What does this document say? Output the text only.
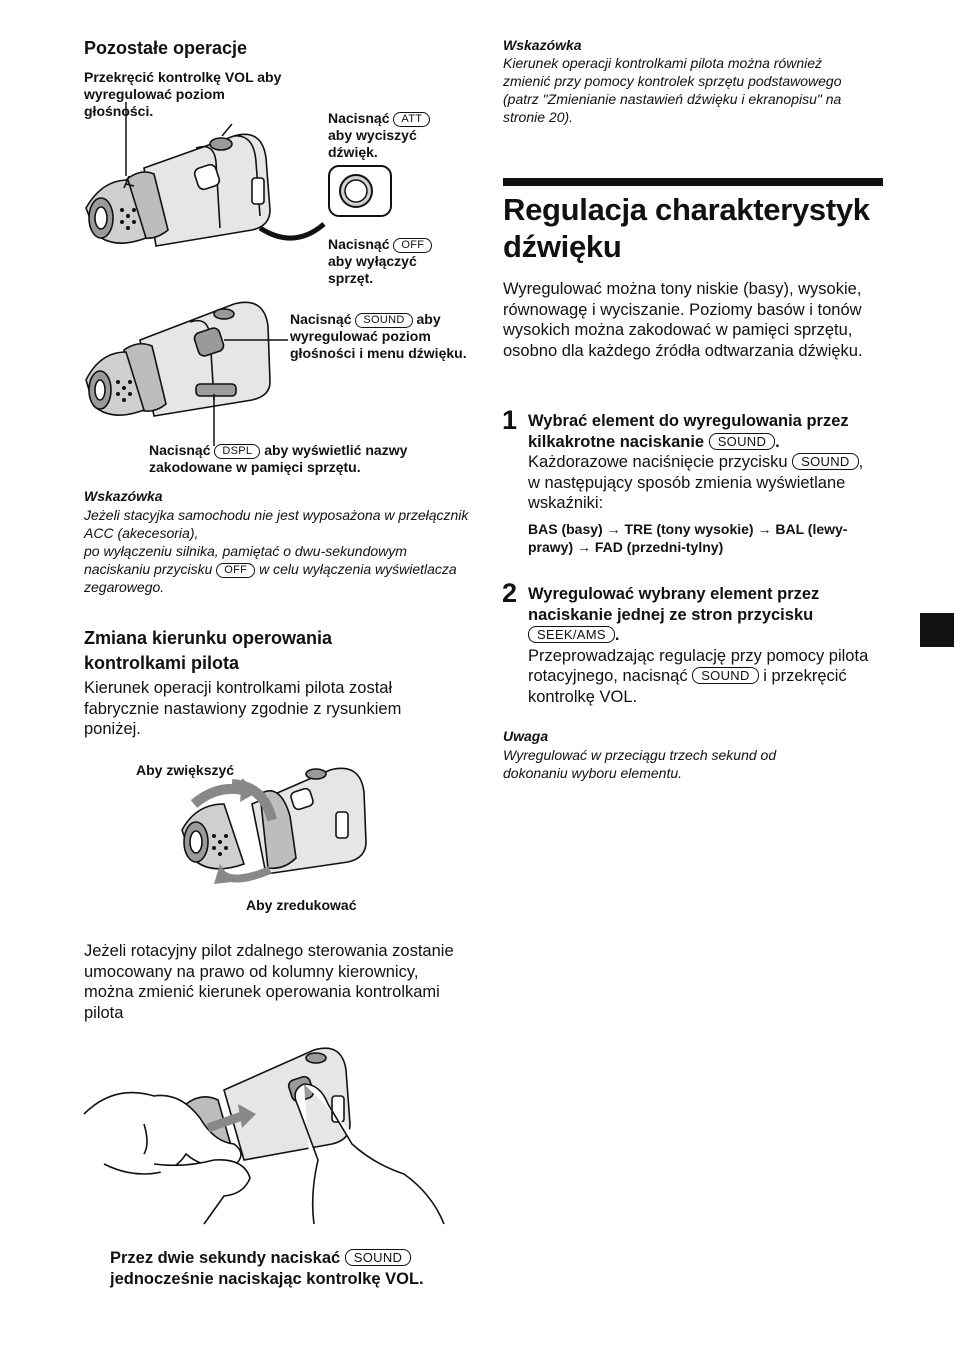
Pozostałe operacje
Przekręcić kontrolkę VOL aby wyregulować poziom głośności.	Nacisnąć ATT aby wyciszyć dźwięk.
Nacisnąć OFF aby wyłączyć sprzęt.
Nacisnąć SOUND aby wyregulować poziom głośności i menu dźwięku.
Nacisnąć DSPL aby wyświetlić nazwy zakodowane w pamięci sprzętu.
Wskazówka
Jeżeli stacyjka samochodu nie jest wyposażona w przełącznik ACC (akecesoria),
po wyłączeniu silnika, pamiętać o dwu-sekundowym naciskaniu przycisku OFF w celu wyłączenia wyświetlacza zegarowego.
Zmiana kierunku operowania kontrolkami pilota
Kierunek operacji kontrolkami pilota został fabrycznie nastawiony zgodnie z rysunkiem poniżej.
Aby zwiększyć
Aby zredukować
Jeżeli rotacyjny pilot zdalnego sterowania zostanie umocowany na prawo od kolumny kierownicy, można zmienić kierunek operowania kontrolkami pilota
Przez dwie sekundy naciskać SOUND jednocześnie naciskając kontrolkę VOL.
Wskazówka
Kierunek operacji kontrolkami pilota można również zmienić przy pomocy kontrolek sprzętu podstawowego (patrz "Zmienianie nastawień dźwięku i ekranopisu" na stronie 20).
Regulacja charakterystyk dźwięku
Wyregulować można tony niskie (basy), wysokie, równowagę i wyciszanie. Poziomy basów i tonów wysokich można zakodować w pamięci sprzętu, osobno dla każdego źródła odtwarzania dźwięku.
1 Wybrać element do wyregulowania przez kilkakrotne naciskanie SOUND .
Każdorazowe naciśnięcie przycisku SOUND , w następujący sposób zmienia wyświetlane wskaźniki:
BAS (basy) → TRE (tony wysokie) → BAL (lewy-prawy) → FAD (przedni-tylny)
2 Wyregulować wybrany element przez naciskanie jednej ze stron przycisku SEEK/AMS .
Przeprowadzając regulację przy pomocy pilota rotacyjnego, nacisnąć SOUND i przekręcić kontrolkę VOL.
Uwaga
Wyregulować w przeciągu trzech sekund od dokonaniu wyboru elementu.
